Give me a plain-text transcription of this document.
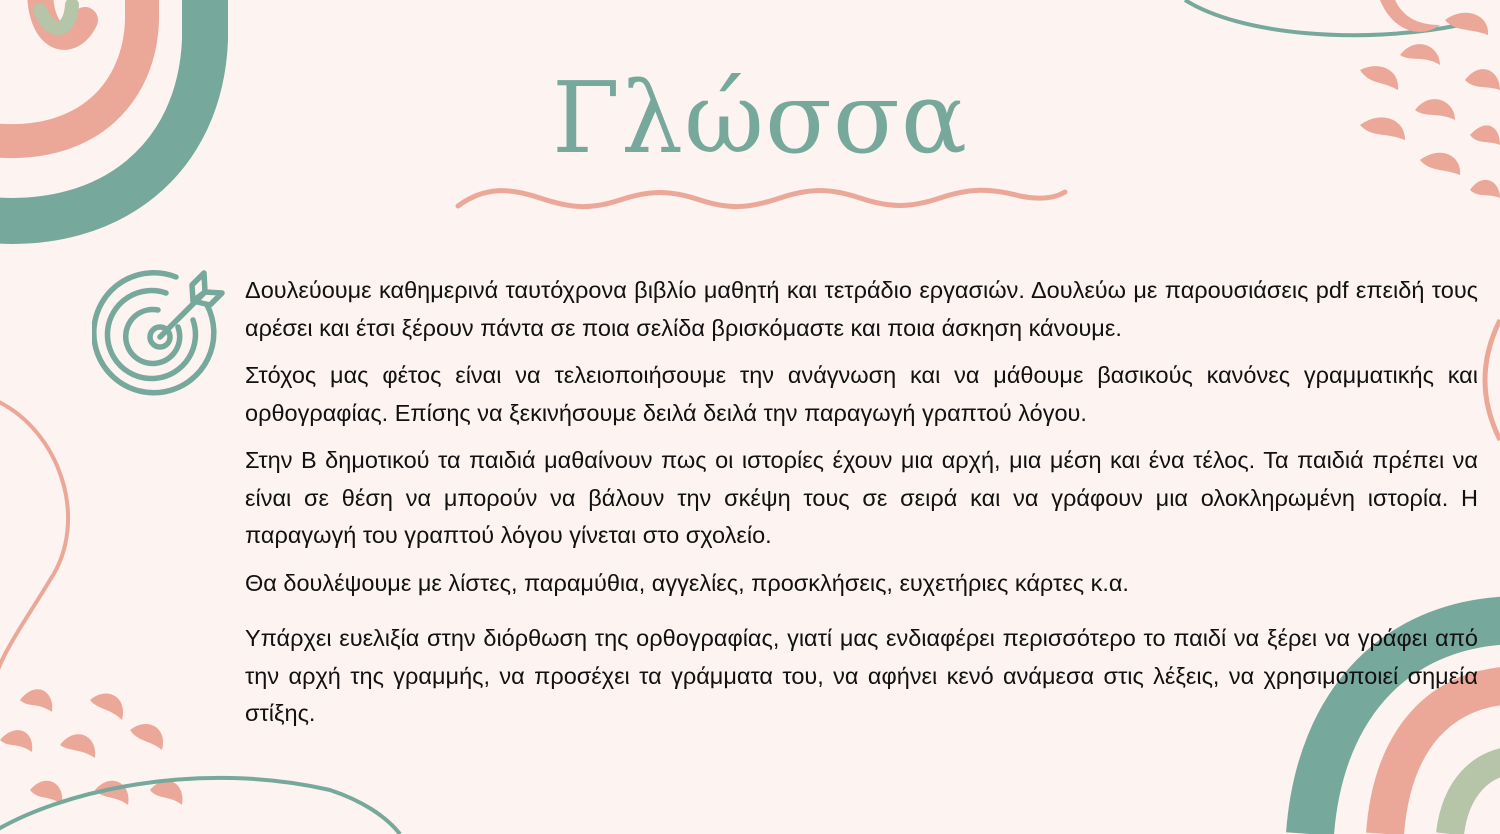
Γλώσσα

Δουλεύουμε καθημερινά ταυτόχρονα βιβλίο μαθητή και τετράδιο εργασιών. Δουλεύω με παρουσιάσεις pdf επειδή τους αρέσει και έτσι ξέρουν πάντα σε ποια σελίδα βρισκόμαστε και ποια άσκηση κάνουμε.

Στόχος μας φέτος είναι να τελειοποιήσουμε την ανάγνωση και να μάθουμε βασικούς κανόνες γραμματικής και ορθογραφίας. Επίσης να ξεκινήσουμε δειλά δειλά την παραγωγή γραπτού λόγου.

Στην Β δημοτικού τα παιδιά μαθαίνουν πως οι ιστορίες έχουν μια αρχή, μια μέση και ένα τέλος. Τα παιδιά πρέπει να είναι σε θέση να μπορούν να βάλουν την σκέψη τους σε σειρά και να γράφουν μια ολοκληρωμένη ιστορία. Η παραγωγή του γραπτού λόγου γίνεται στο σχολείο.

Θα δουλέψουμε με λίστες, παραμύθια, αγγελίες, προσκλήσεις, ευχετήριες κάρτες κ.α.

Υπάρχει ευελιξία στην διόρθωση της ορθογραφίας, γιατί μας ενδιαφέρει περισσότερο το παιδί να ξέρει να γράφει από την αρχή της γραμμής, να προσέχει τα γράμματα του, να αφήνει κενό ανάμεσα στις λέξεις, να χρησιμοποιεί σημεία στίξης.
